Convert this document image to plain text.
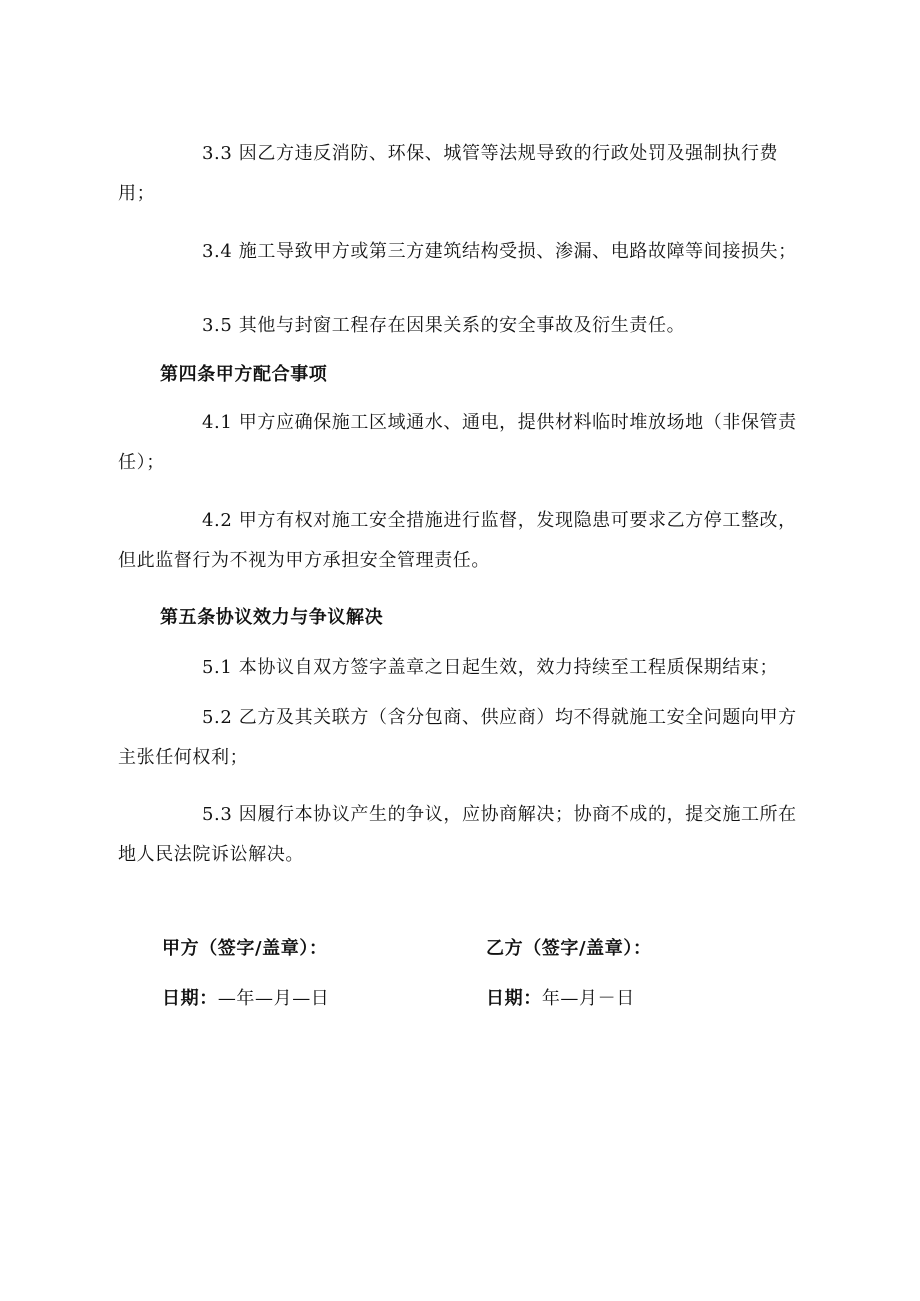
3.3 因乙方违反消防、环保、城管等法规导致的行政处罚及强制执行费用；

3.4 施工导致甲方或第三方建筑结构受损、渗漏、电路故障等间接损失；

3.5 其他与封窗工程存在因果关系的安全事故及衍生责任。

第四条甲方配合事项

4.1 甲方应确保施工区域通水、通电，提供材料临时堆放场地（非保管责任）；

4.2 甲方有权对施工安全措施进行监督，发现隐患可要求乙方停工整改，但此监督行为不视为甲方承担安全管理责任。

第五条协议效力与争议解决

5.1 本协议自双方签字盖章之日起生效，效力持续至工程质保期结束；

5.2 乙方及其关联方（含分包商、供应商）均不得就施工安全问题向甲方主张任何权利；

5.3 因履行本协议产生的争议，应协商解决；协商不成的，提交施工所在地人民法院诉讼解决。

甲方（签字/盖章）：	乙方（签字/盖章）：
日期：—年—月—日	日期：年—月－日
